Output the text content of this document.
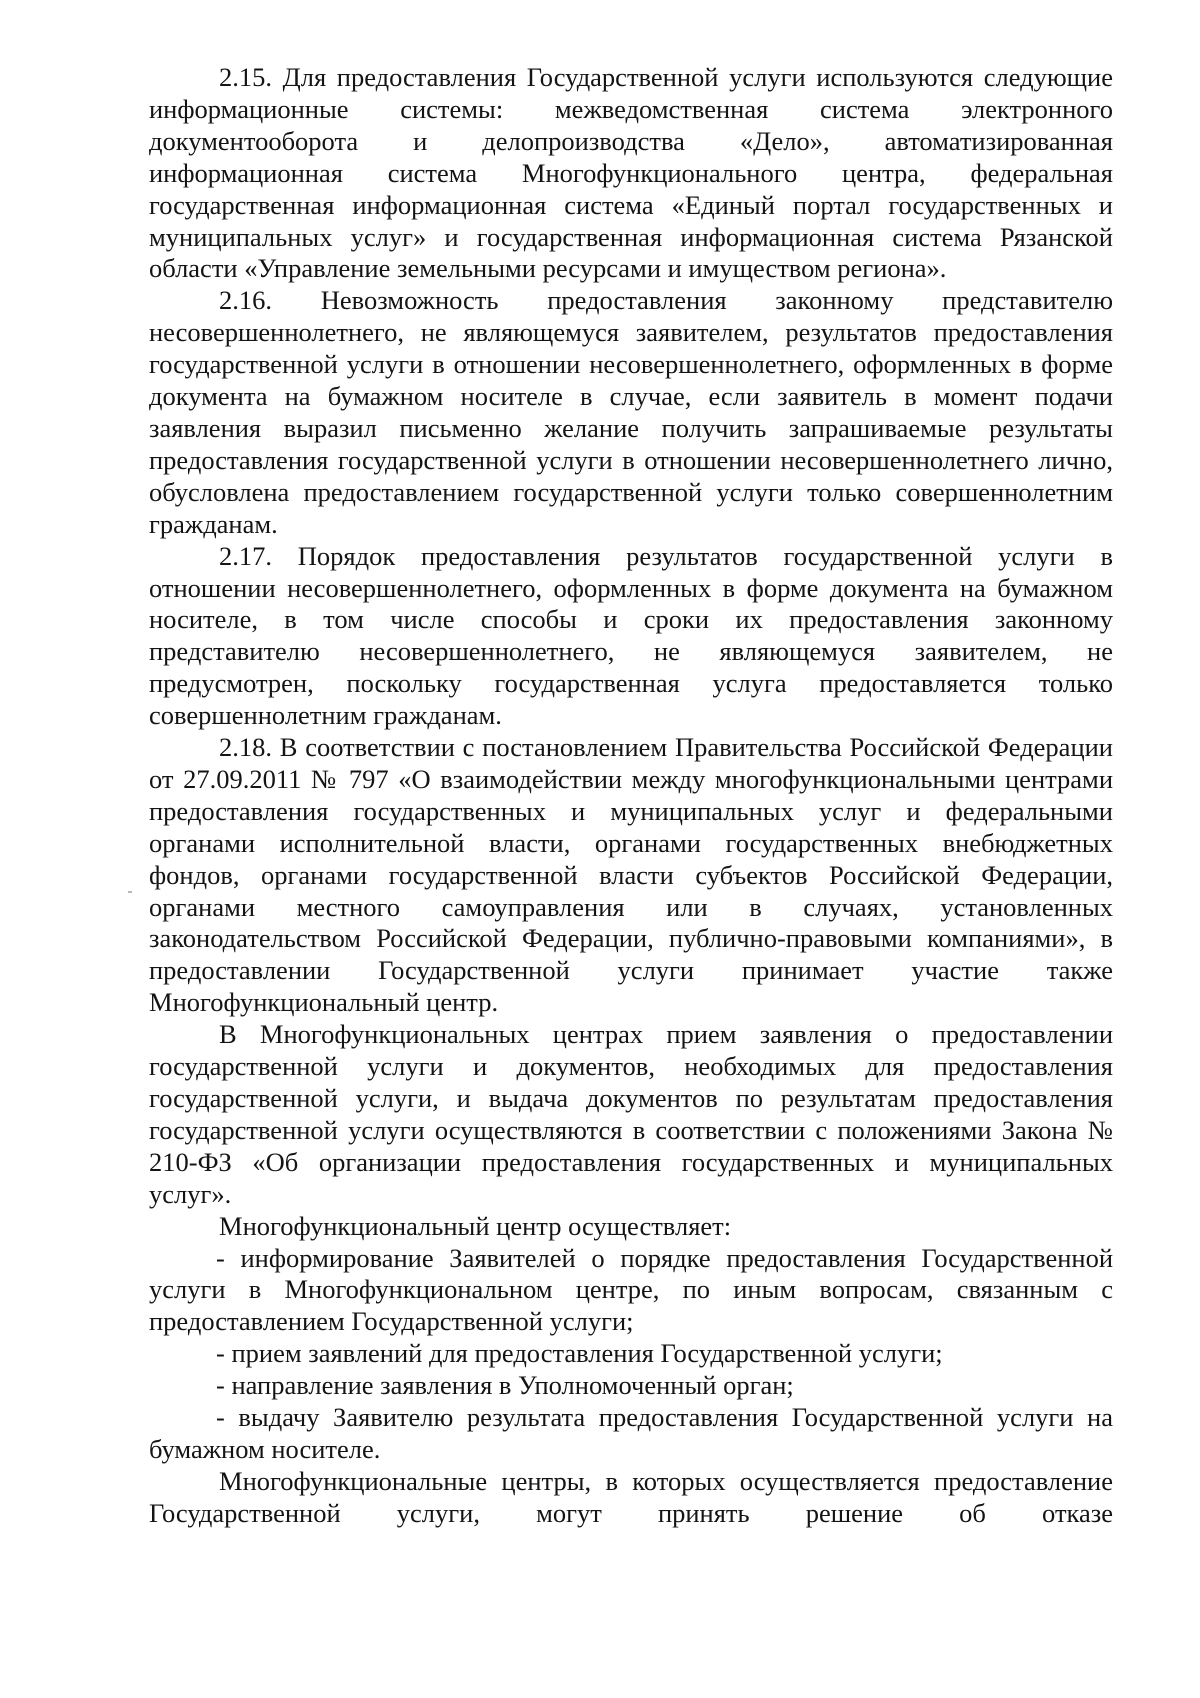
2.15. Для предоставления Государственной услуги используются следующие информационные системы: межведомственная система электронного документооборота и делопроизводства «Дело», автоматизированная информационная система Многофункционального центра, федеральная государственная информационная система «Единый портал государственных и муниципальных услуг» и государственная информационная система Рязанской области «Управление земельными ресурсами и имуществом региона».

2.16. Невозможность предоставления законному представителю несовершеннолетнего, не являющемуся заявителем, результатов предоставления государственной услуги в отношении несовершеннолетнего, оформленных в форме документа на бумажном носителе в случае, если заявитель в момент подачи заявления выразил письменно желание получить запрашиваемые результаты предоставления государственной услуги в отношении несовершеннолетнего лично, обусловлена предоставлением государственной услуги только совершеннолетним гражданам.

2.17. Порядок предоставления результатов государственной услуги в отношении несовершеннолетнего, оформленных в форме документа на бумажном носителе, в том числе способы и сроки их предоставления законному представителю несовершеннолетнего, не являющемуся заявителем, не предусмотрен, поскольку государственная услуга предоставляется только совершеннолетним гражданам.

2.18. В соответствии с постановлением Правительства Российской Федерации от 27.09.2011 № 797 «О взаимодействии между многофункциональными центрами предоставления государственных и муниципальных услуг и федеральными органами исполнительной власти, органами государственных внебюджетных фондов, органами государственной власти субъектов Российской Федерации, органами местного самоуправления или в случаях, установленных законодательством Российской Федерации, публично-правовыми компаниями», в предоставлении Государственной услуги принимает участие также Многофункциональный центр.

В Многофункциональных центрах прием заявления о предоставлении государственной услуги и документов, необходимых для предоставления государственной услуги, и выдача документов по результатам предоставления государственной услуги осуществляются в соответствии с положениями Закона № 210-ФЗ «Об организации предоставления государственных и муниципальных услуг».

Многофункциональный центр осуществляет:

- информирование Заявителей о порядке предоставления Государственной услуги в Многофункциональном центре, по иным вопросам, связанным с предоставлением Государственной услуги;

- прием заявлений для предоставления Государственной услуги;

- направление заявления в Уполномоченный орган;

- выдачу Заявителю результата предоставления Государственной услуги на бумажном носителе.

Многофункциональные центры, в которых осуществляется предоставление Государственной услуги, могут принять решение об отказе
